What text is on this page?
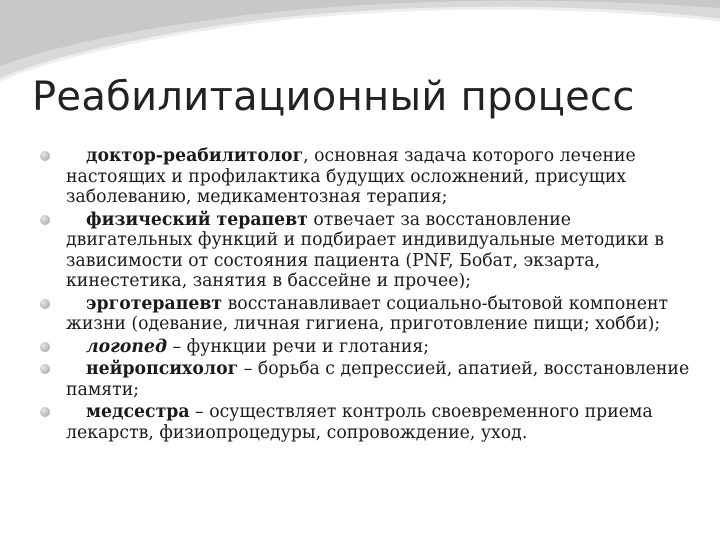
Реабилитационный процесс
доктор-реабилитолог, основная задача которого лечение настоящих и профилактика будущих осложнений, присущих заболеванию, медикаментозная терапия;
физический терапевт отвечает за восстановление двигательных функций и подбирает индивидуальные методики в зависимости от состояния пациента (PNF, Бобат, экзарта, кинестетика, занятия в бассейне и прочее);
эрготерапевт восстанавливает социально-бытовой компонент жизни (одевание, личная гигиена, приготовление пищи; хобби);
логопед – функции речи и глотания;
нейропсихолог – борьба с депрессией, апатией, восстановление памяти;
медсестра – осуществляет контроль своевременного приема лекарств, физиопроцедуры, сопровождение, уход.
